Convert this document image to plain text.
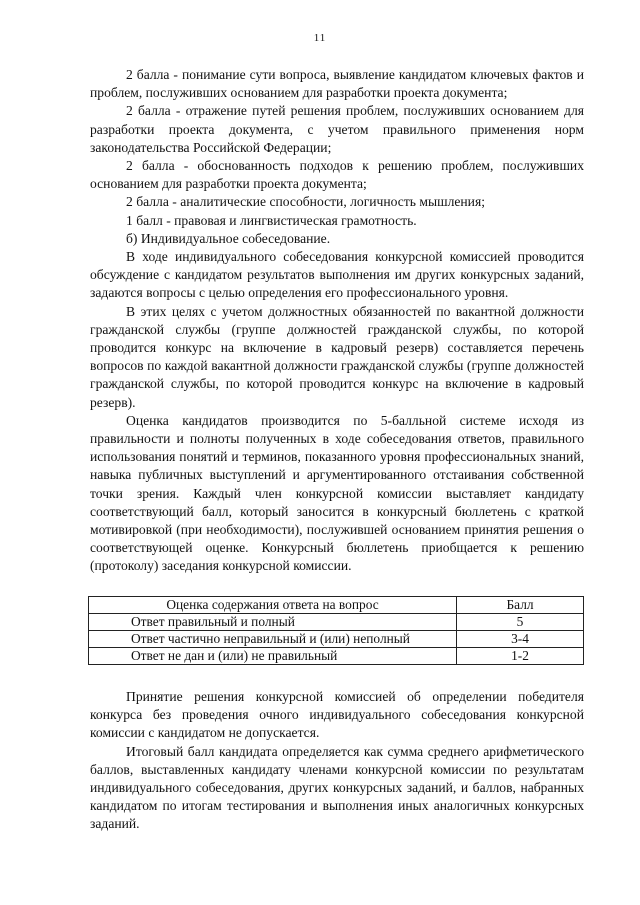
11

2 балла - понимание сути вопроса, выявление кандидатом ключевых фактов и проблем, послуживших основанием для разработки проекта документа;

2 балла - отражение путей решения проблем, послуживших основанием для разработки проекта документа, с учетом правильного применения норм законодательства Российской Федерации;

2 балла - обоснованность подходов к решению проблем, послуживших основанием для разработки проекта документа;

2 балла - аналитические способности, логичность мышления;

1 балл - правовая и лингвистическая грамотность.

б) Индивидуальное собеседование.

В ходе индивидуального собеседования конкурсной комиссией проводится обсуждение с кандидатом результатов выполнения им других конкурсных заданий, задаются вопросы с целью определения его профессионального уровня.

В этих целях с учетом должностных обязанностей по вакантной должности гражданской службы (группе должностей гражданской службы, по которой проводится конкурс на включение в кадровый резерв) составляется перечень вопросов по каждой вакантной должности гражданской службы (группе должностей гражданской службы, по которой проводится конкурс на включение в кадровый резерв).

Оценка кандидатов производится по 5-балльной системе исходя из правильности и полноты полученных в ходе собеседования ответов, правильного использования понятий и терминов, показанного уровня профессиональных знаний, навыка публичных выступлений и аргументированного отстаивания собственной точки зрения. Каждый член конкурсной комиссии выставляет кандидату соответствующий балл, который заносится в конкурсный бюллетень с краткой мотивировкой (при необходимости), послужившей основанием принятия решения о соответствующей оценке. Конкурсный бюллетень приобщается к решению (протоколу) заседания конкурсной комиссии.

Оценка содержания ответа на вопрос	Балл
Ответ правильный и полный	5
Ответ частично неправильный и (или) неполный	3-4
Ответ не дан и (или) не правильный	1-2

Принятие решения конкурсной комиссией об определении победителя конкурса без проведения очного индивидуального собеседования конкурсной комиссии с кандидатом не допускается.

Итоговый балл кандидата определяется как сумма среднего арифметического баллов, выставленных кандидату членами конкурсной комиссии по результатам индивидуального собеседования, других конкурсных заданий, и баллов, набранных кандидатом по итогам тестирования и выполнения иных аналогичных конкурсных заданий.
